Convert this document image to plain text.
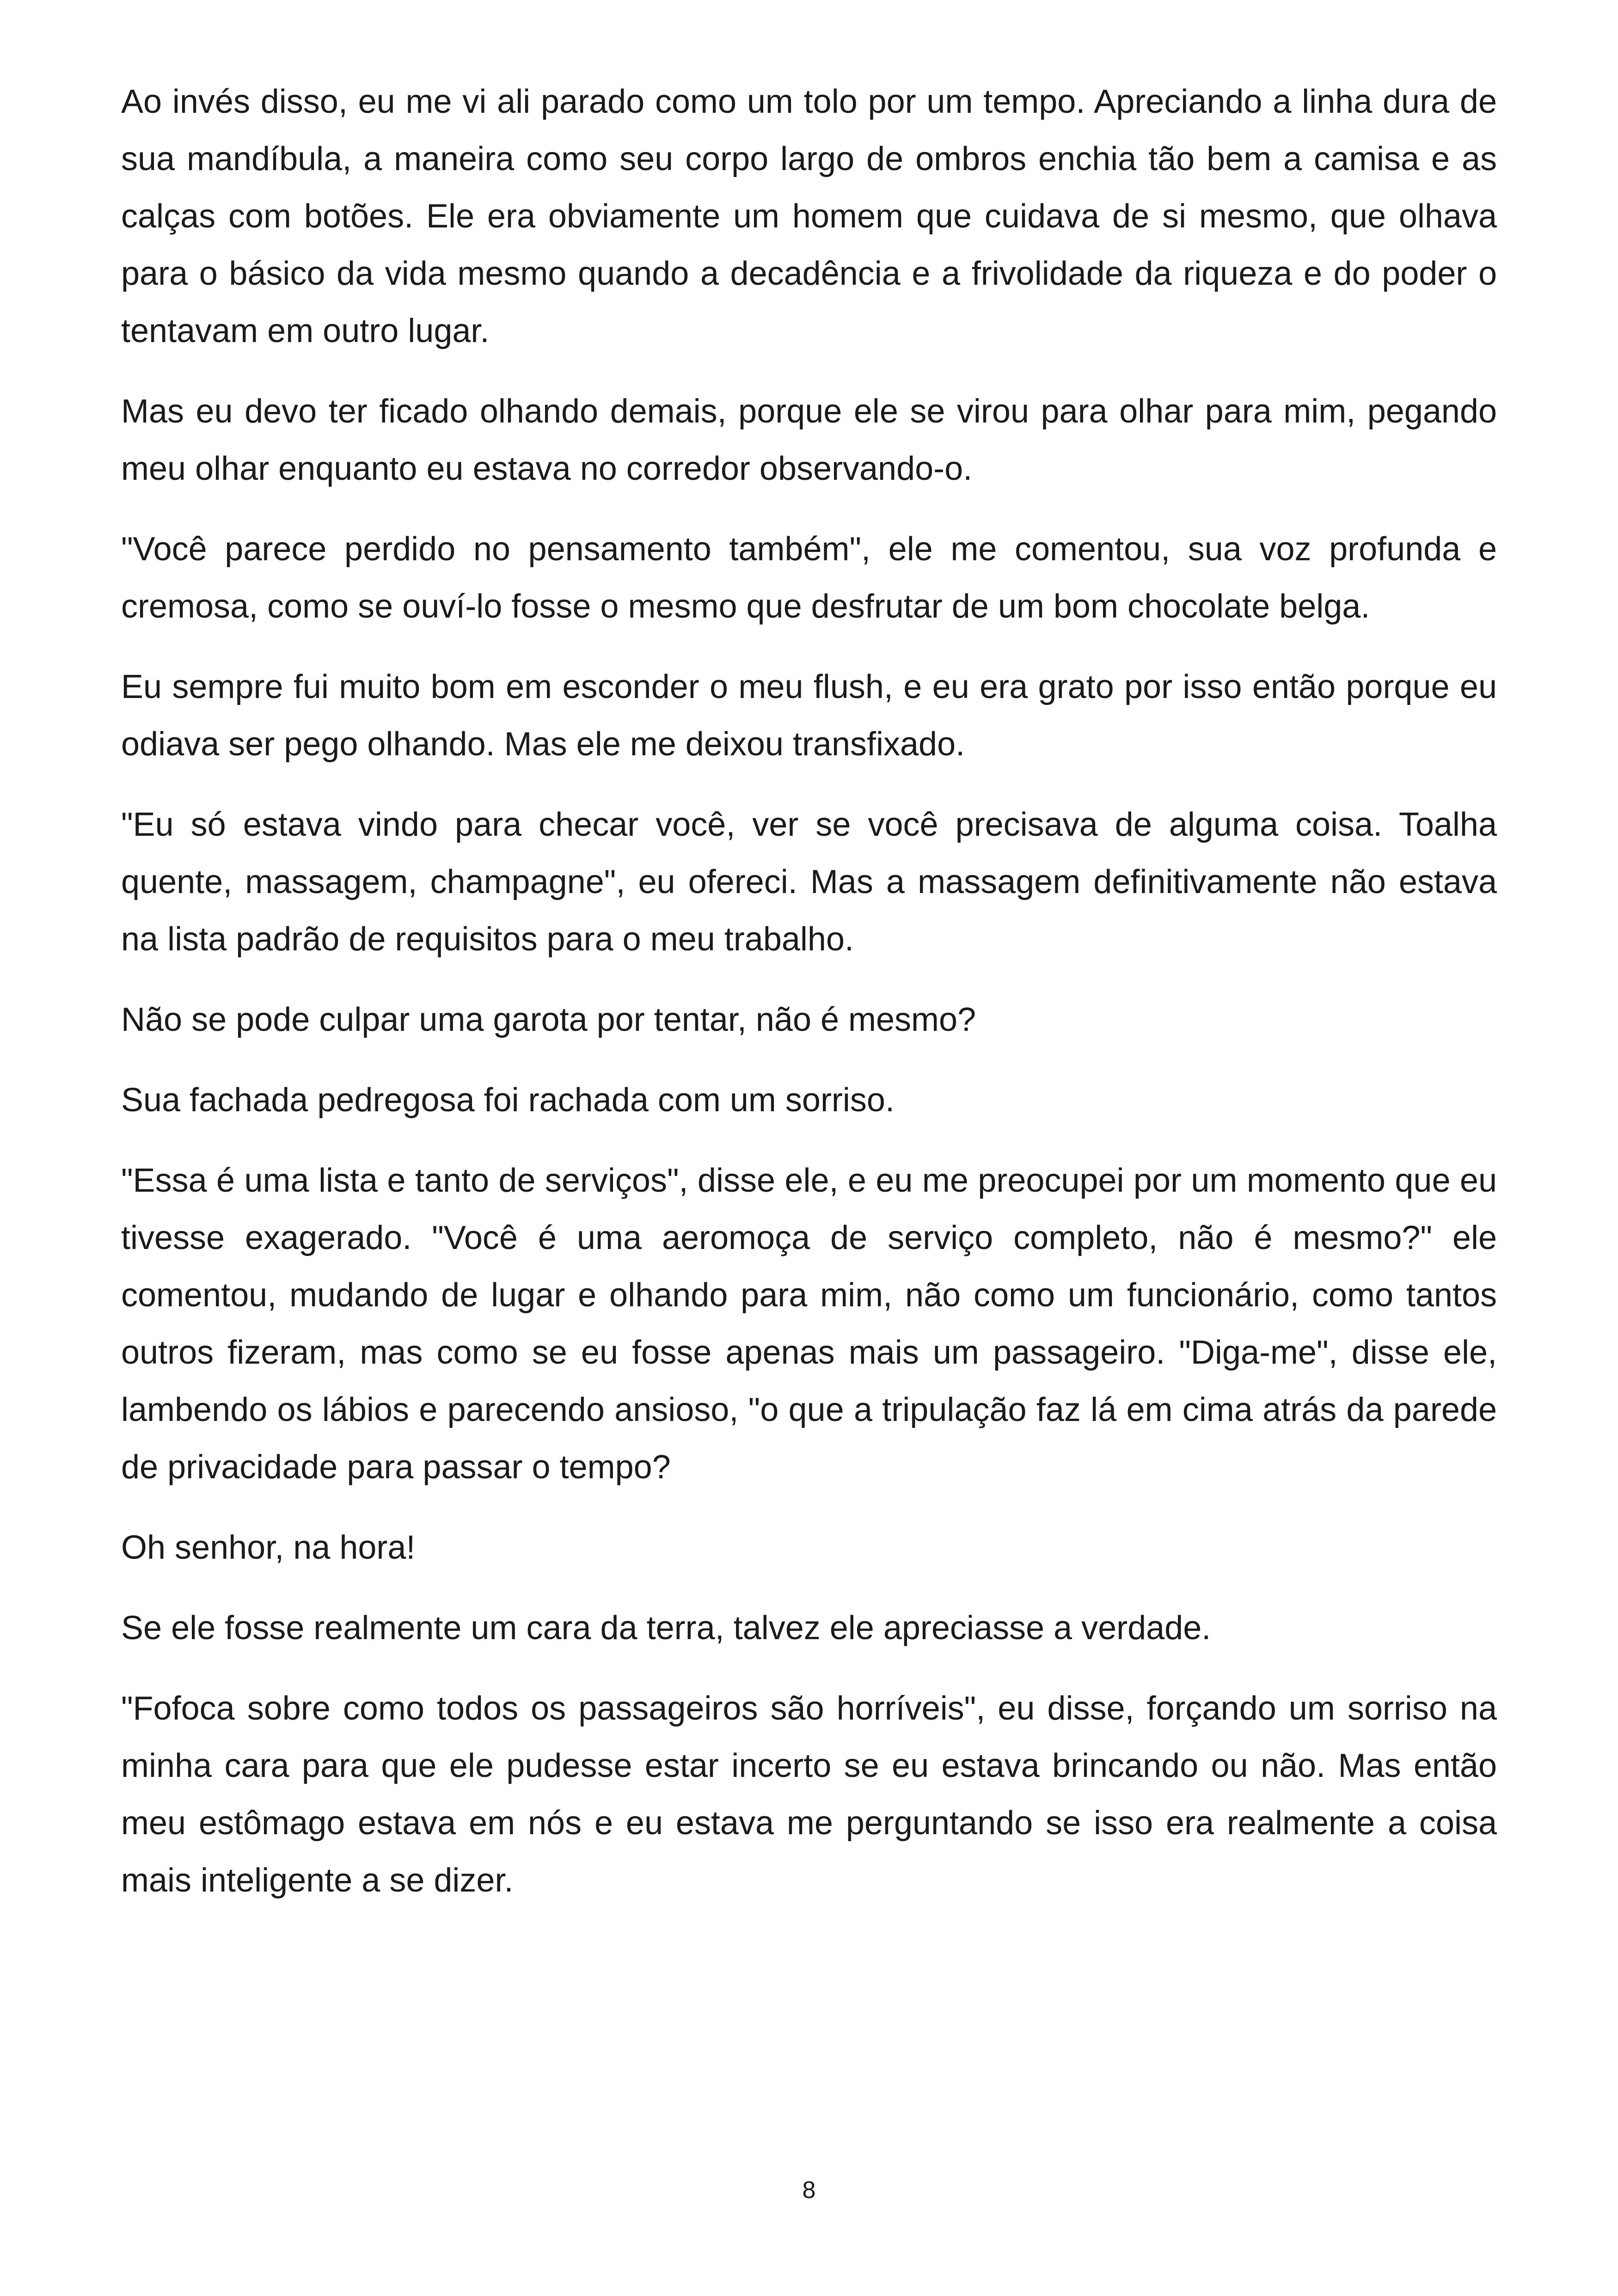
Ao invés disso, eu me vi ali parado como um tolo por um tempo. Apreciando a linha dura de sua mandíbula, a maneira como seu corpo largo de ombros enchia tão bem a camisa e as calças com botões. Ele era obviamente um homem que cuidava de si mesmo, que olhava para o básico da vida mesmo quando a decadência e a frivolidade da riqueza e do poder o tentavam em outro lugar.

Mas eu devo ter ficado olhando demais, porque ele se virou para olhar para mim, pegando meu olhar enquanto eu estava no corredor observando-o.

"Você parece perdido no pensamento também", ele me comentou, sua voz profunda e cremosa, como se ouví-lo fosse o mesmo que desfrutar de um bom chocolate belga.

Eu sempre fui muito bom em esconder o meu flush, e eu era grato por isso então porque eu odiava ser pego olhando. Mas ele me deixou transfixado.

"Eu só estava vindo para checar você, ver se você precisava de alguma coisa. Toalha quente, massagem, champagne", eu ofereci. Mas a massagem definitivamente não estava na lista padrão de requisitos para o meu trabalho.

Não se pode culpar uma garota por tentar, não é mesmo?

Sua fachada pedregosa foi rachada com um sorriso.

"Essa é uma lista e tanto de serviços", disse ele, e eu me preocupei por um momento que eu tivesse exagerado. "Você é uma aeromoça de serviço completo, não é mesmo?" ele comentou, mudando de lugar e olhando para mim, não como um funcionário, como tantos outros fizeram, mas como se eu fosse apenas mais um passageiro. "Diga-me", disse ele, lambendo os lábios e parecendo ansioso, "o que a tripulação faz lá em cima atrás da parede de privacidade para passar o tempo?

Oh senhor, na hora!

Se ele fosse realmente um cara da terra, talvez ele apreciasse a verdade.

"Fofoca sobre como todos os passageiros são horríveis", eu disse, forçando um sorriso na minha cara para que ele pudesse estar incerto se eu estava brincando ou não. Mas então meu estômago estava em nós e eu estava me perguntando se isso era realmente a coisa mais inteligente a se dizer.

8
